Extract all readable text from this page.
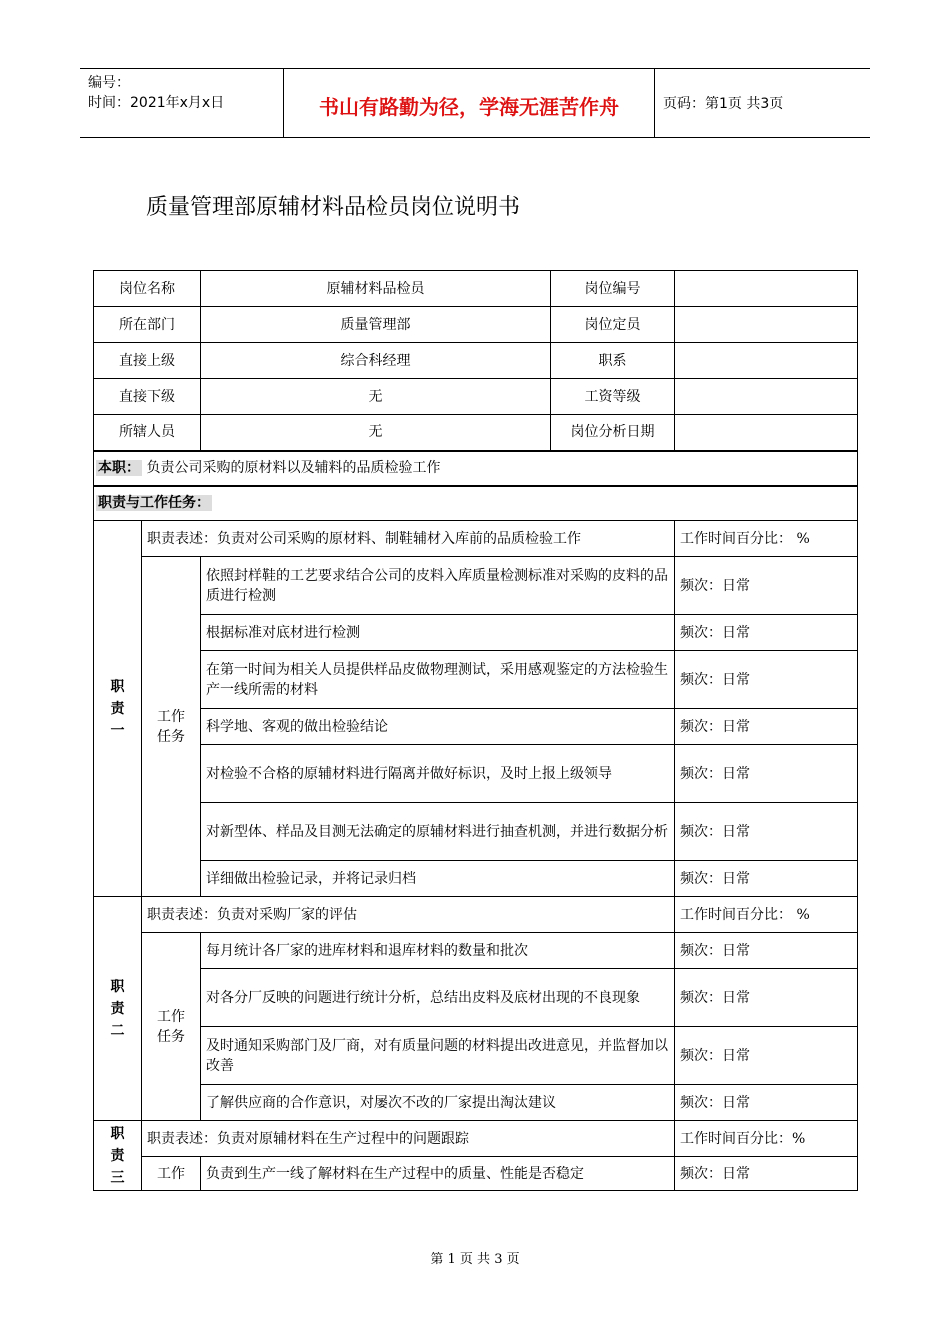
编号：
时间：2021年x月x日	书山有路勤为径，学海无涯苦作舟	页码：第1页 共3页
质量管理部原辅材料品检员岗位说明书
岗位名称		原辅材料品检员	岗位编号	
所在部门		质量管理部	岗位定员	
直接上级		综合科经理	职系	
直接下级		无	工资等级	
所辖人员		无	岗位分析日期	
本职： 负责公司采购的原材料以及辅料的品质检验工作				
职责与工作任务：				

职责一	职责表述：负责对公司采购的原材料、制鞋辅材入库前的品质检验工作			工作时间百分比： %
	工作任务	依照封样鞋的工艺要求结合公司的皮料入库质量检测标准对采购的皮料的品质进行检测		频次：日常
		根据标准对底材进行检测		频次：日常
		在第一时间为相关人员提供样品皮做物理测试，采用感观鉴定的方法检验生产一线所需的材料		频次：日常
		科学地、客观的做出检验结论		频次：日常
		对检验不合格的原辅材料进行隔离并做好标识，及时上报上级领导		频次：日常
		对新型体、样品及目测无法确定的原辅材料进行抽查机测，并进行数据分析		频次：日常
		详细做出检验记录，并将记录归档		频次：日常

职责二	职责表述：负责对采购厂家的评估			工作时间百分比： %
	工作任务	每月统计各厂家的进库材料和退库材料的数量和批次		频次：日常
		对各分厂反映的问题进行统计分析，总结出皮料及底材出现的不良现象		频次：日常
		及时通知采购部门及厂商，对有质量问题的材料提出改进意见，并监督加以改善		频次：日常
		了解供应商的合作意识，对屡次不改的厂家提出淘汰建议		频次：日常

职责三	职责表述：负责对原辅材料在生产过程中的问题跟踪			工作时间百分比：%
	工作	负责到生产一线了解材料在生产过程中的质量、性能是否稳定		频次：日常
第 1 页 共 3 页
